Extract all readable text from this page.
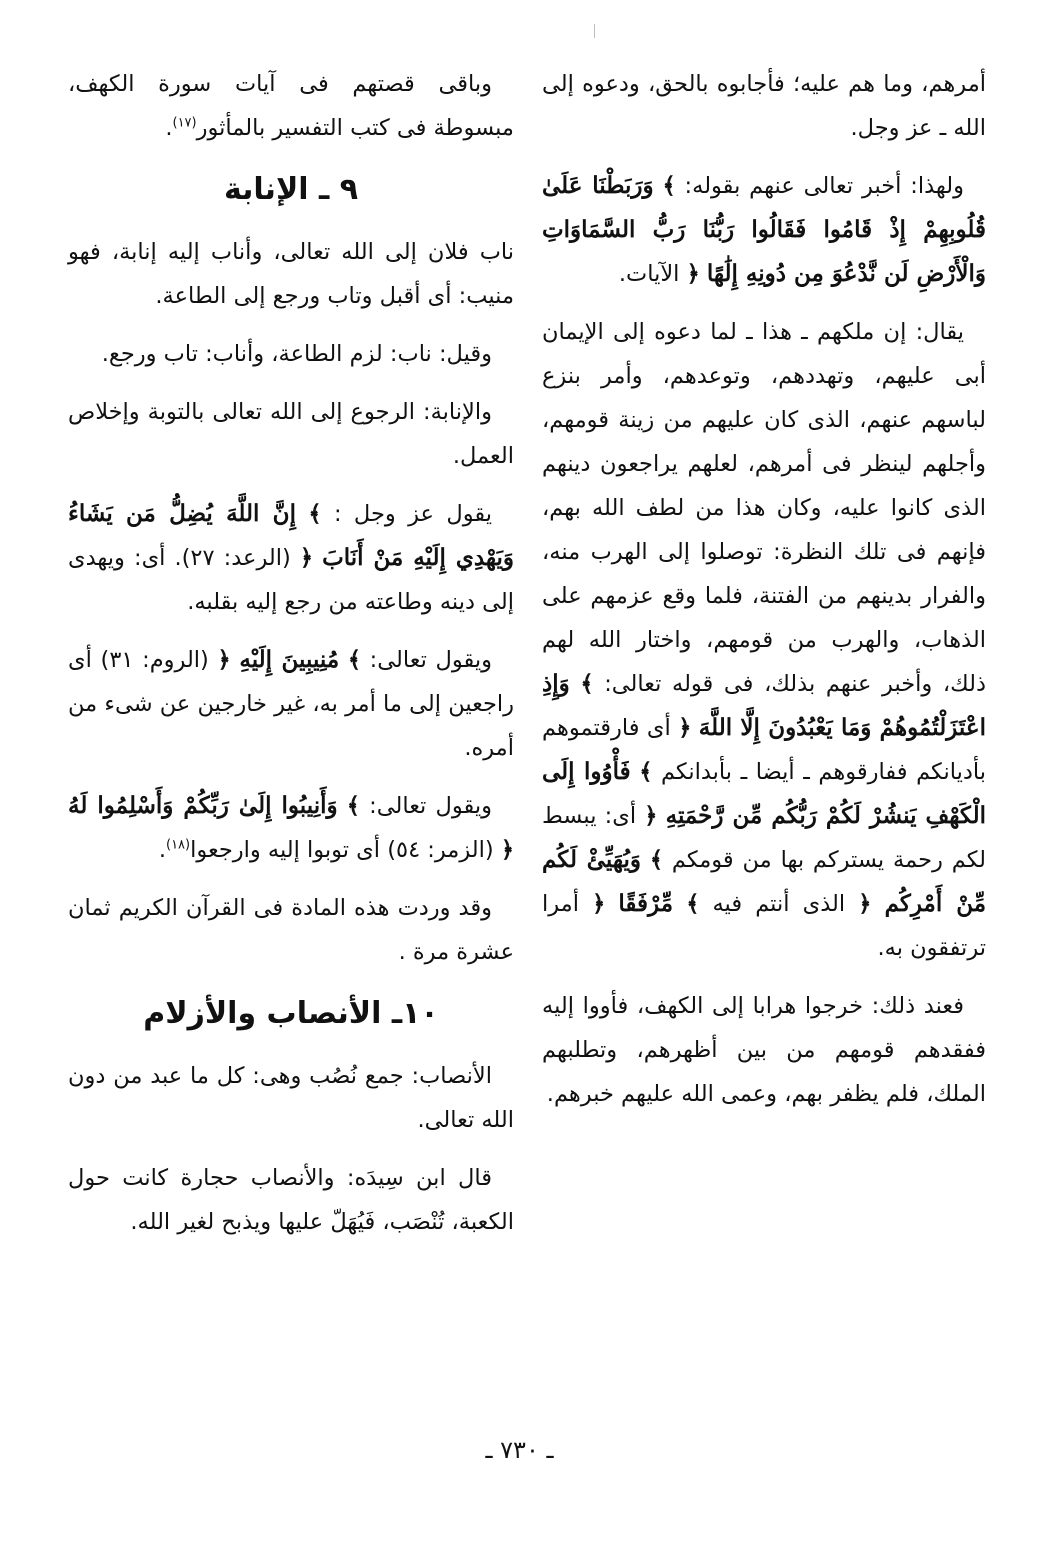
أمرهم، وما هم عليه؛ فأجابوه بالحق، ودعوه إلى الله ـ عز وجل.

ولهذا: أخبر تعالى عنهم بقوله: ﴾ وَرَبَطْنَا عَلَىٰ قُلُوبِهِمْ إِذْ قَامُوا فَقَالُوا رَبُّنَا رَبُّ السَّمَاوَاتِ وَالْأَرْضِ لَن نَّدْعُوَ مِن دُونِهِ إِلَٰهًا ﴿ الآيات.

يقال: إن ملكهم ـ هذا ـ لما دعوه إلى الإيمان أبى عليهم، وتهددهم، وتوعدهم، وأمر بنزع لباسهم عنهم، الذى كان عليهم من زينة قومهم، وأجلهم لينظر فى أمرهم، لعلهم يراجعون دينهم الذى كانوا عليه، وكان هذا من لطف الله بهم، فإنهم فى تلك النظرة: توصلوا إلى الهرب منه، والفرار بدينهم من الفتنة، فلما وقع عزمهم على الذهاب، والهرب من قومهم، واختار الله لهم ذلك، وأخبر عنهم بذلك، فى قوله تعالى: ﴾ وَإِذِ اعْتَزَلْتُمُوهُمْ وَمَا يَعْبُدُونَ إِلَّا اللَّهَ ﴿ أى فارقتموهم بأديانكم ففارقوهم ـ أيضا ـ بأبدانكم ﴾ فَأْوُوا إِلَى الْكَهْفِ يَنشُرْ لَكُمْ رَبُّكُم مِّن رَّحْمَتِهِ ﴿ أى: يبسط لكم رحمة يستركم بها من قومكم ﴾ وَيُهَيِّئْ لَكُم مِّنْ أَمْرِكُم ﴿ الذى أنتم فيه ﴾ مِّرْفَقًا ﴿ أمرا ترتفقون به.

فعند ذلك: خرجوا هرابا إلى الكهف، فأووا إليه ففقدهم قومهم من بين أظهرهم، وتطلبهم الملك، فلم يظفر بهم، وعمى الله عليهم خبرهم.

وباقى قصتهم فى آيات سورة الكهف، مبسوطة فى كتب التفسير بالمأثور$^{(١٧)}$.

٩ ـ الإنابة

ناب فلان إلى الله تعالى، وأناب إليه إنابة، فهو منيب: أى أقبل وتاب ورجع إلى الطاعة.

وقيل: ناب: لزم الطاعة، وأناب: تاب ورجع.

والإنابة: الرجوع إلى الله تعالى بالتوبة وإخلاص العمل.

يقول عز وجل : ﴾ إِنَّ اللَّهَ يُضِلُّ مَن يَشَاءُ وَيَهْدِي إِلَيْهِ مَنْ أَنَابَ ﴿ (الرعد: ٢٧). أى: ويهدى إلى دينه وطاعته من رجع إليه بقلبه.

ويقول تعالى: ﴾ مُنِيبِينَ إِلَيْهِ ﴿ (الروم: ٣١) أى راجعين إلى ما أمر به، غير خارجين عن شىء من أمره.

ويقول تعالى: ﴾ وَأَنِيبُوا إِلَىٰ رَبِّكُمْ وَأَسْلِمُوا لَهُ ﴿ (الزمر: ٥٤) أى توبوا إليه وارجعوا$^{(١٨)}$.

وقد وردت هذه المادة فى القرآن الكريم ثمان عشرة مرة .

١٠ـ الأنصاب والأزلام

الأنصاب: جمع نُصُب وهى: كل ما عبد من دون الله تعالى.

قال ابن سِيدَه: والأنصاب حجارة كانت حول الكعبة، تُنْصَب، فَيُهَلّ عليها ويذبح لغير الله.

ـ ٧٣٠ ـ
